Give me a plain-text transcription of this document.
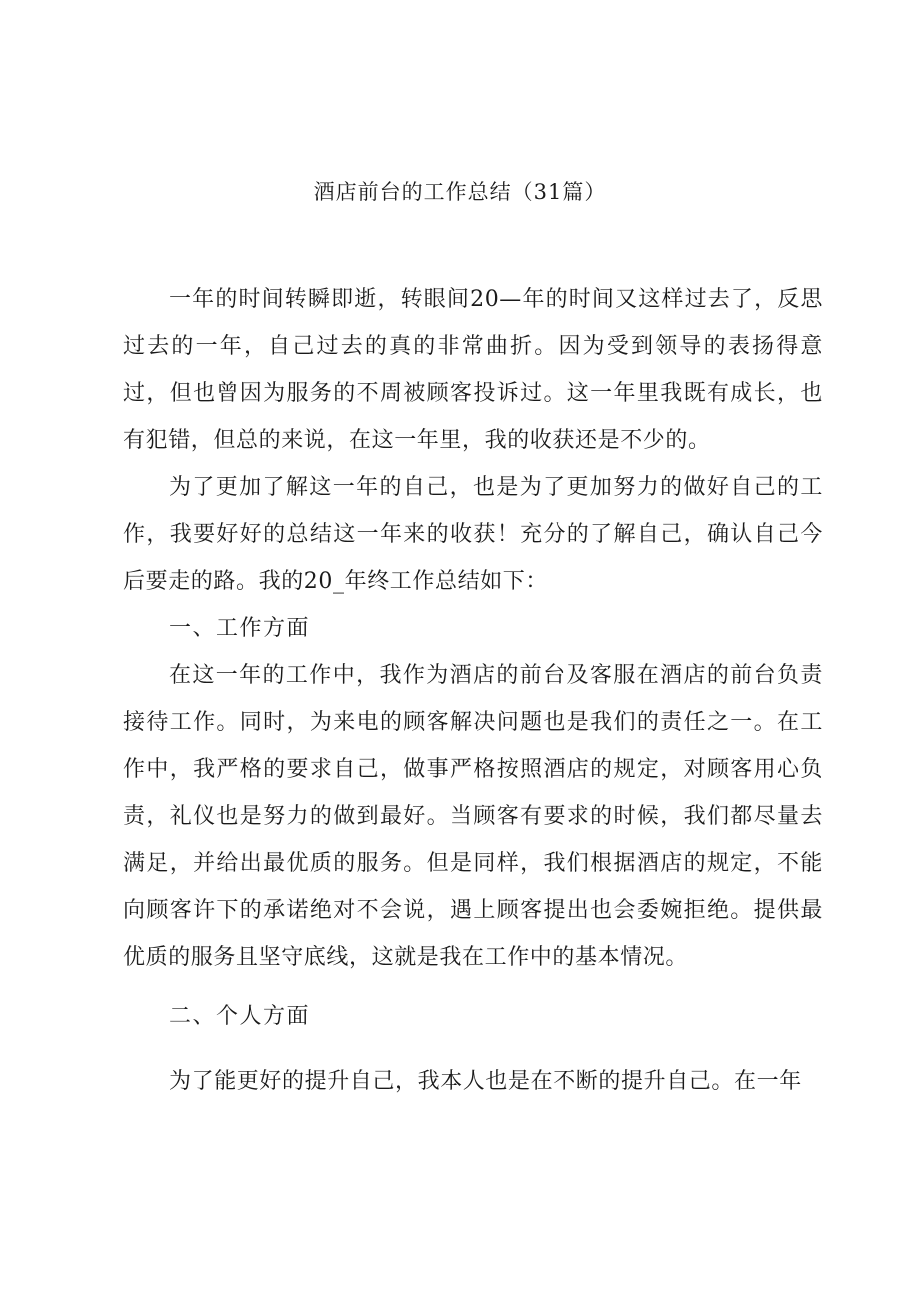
酒店前台的工作总结（31篇）

一年的时间转瞬即逝，转眼间20—年的时间又这样过去了，反思过去的一年，自己过去的真的非常曲折。因为受到领导的表扬得意过，但也曾因为服务的不周被顾客投诉过。这一年里我既有成长，也有犯错，但总的来说，在这一年里，我的收获还是不少的。

为了更加了解这一年的自己，也是为了更加努力的做好自己的工作，我要好好的总结这一年来的收获！充分的了解自己，确认自己今后要走的路。我的20_年终工作总结如下：

一、工作方面

在这一年的工作中，我作为酒店的前台及客服在酒店的前台负责接待工作。同时，为来电的顾客解决问题也是我们的责任之一。在工作中，我严格的要求自己，做事严格按照酒店的规定，对顾客用心负责，礼仪也是努力的做到最好。当顾客有要求的时候，我们都尽量去满足，并给出最优质的服务。但是同样，我们根据酒店的规定，不能向顾客许下的承诺绝对不会说，遇上顾客提出也会委婉拒绝。提供最优质的服务且坚守底线，这就是我在工作中的基本情况。

二、个人方面

为了能更好的提升自己，我本人也是在不断的提升自己。在一年
